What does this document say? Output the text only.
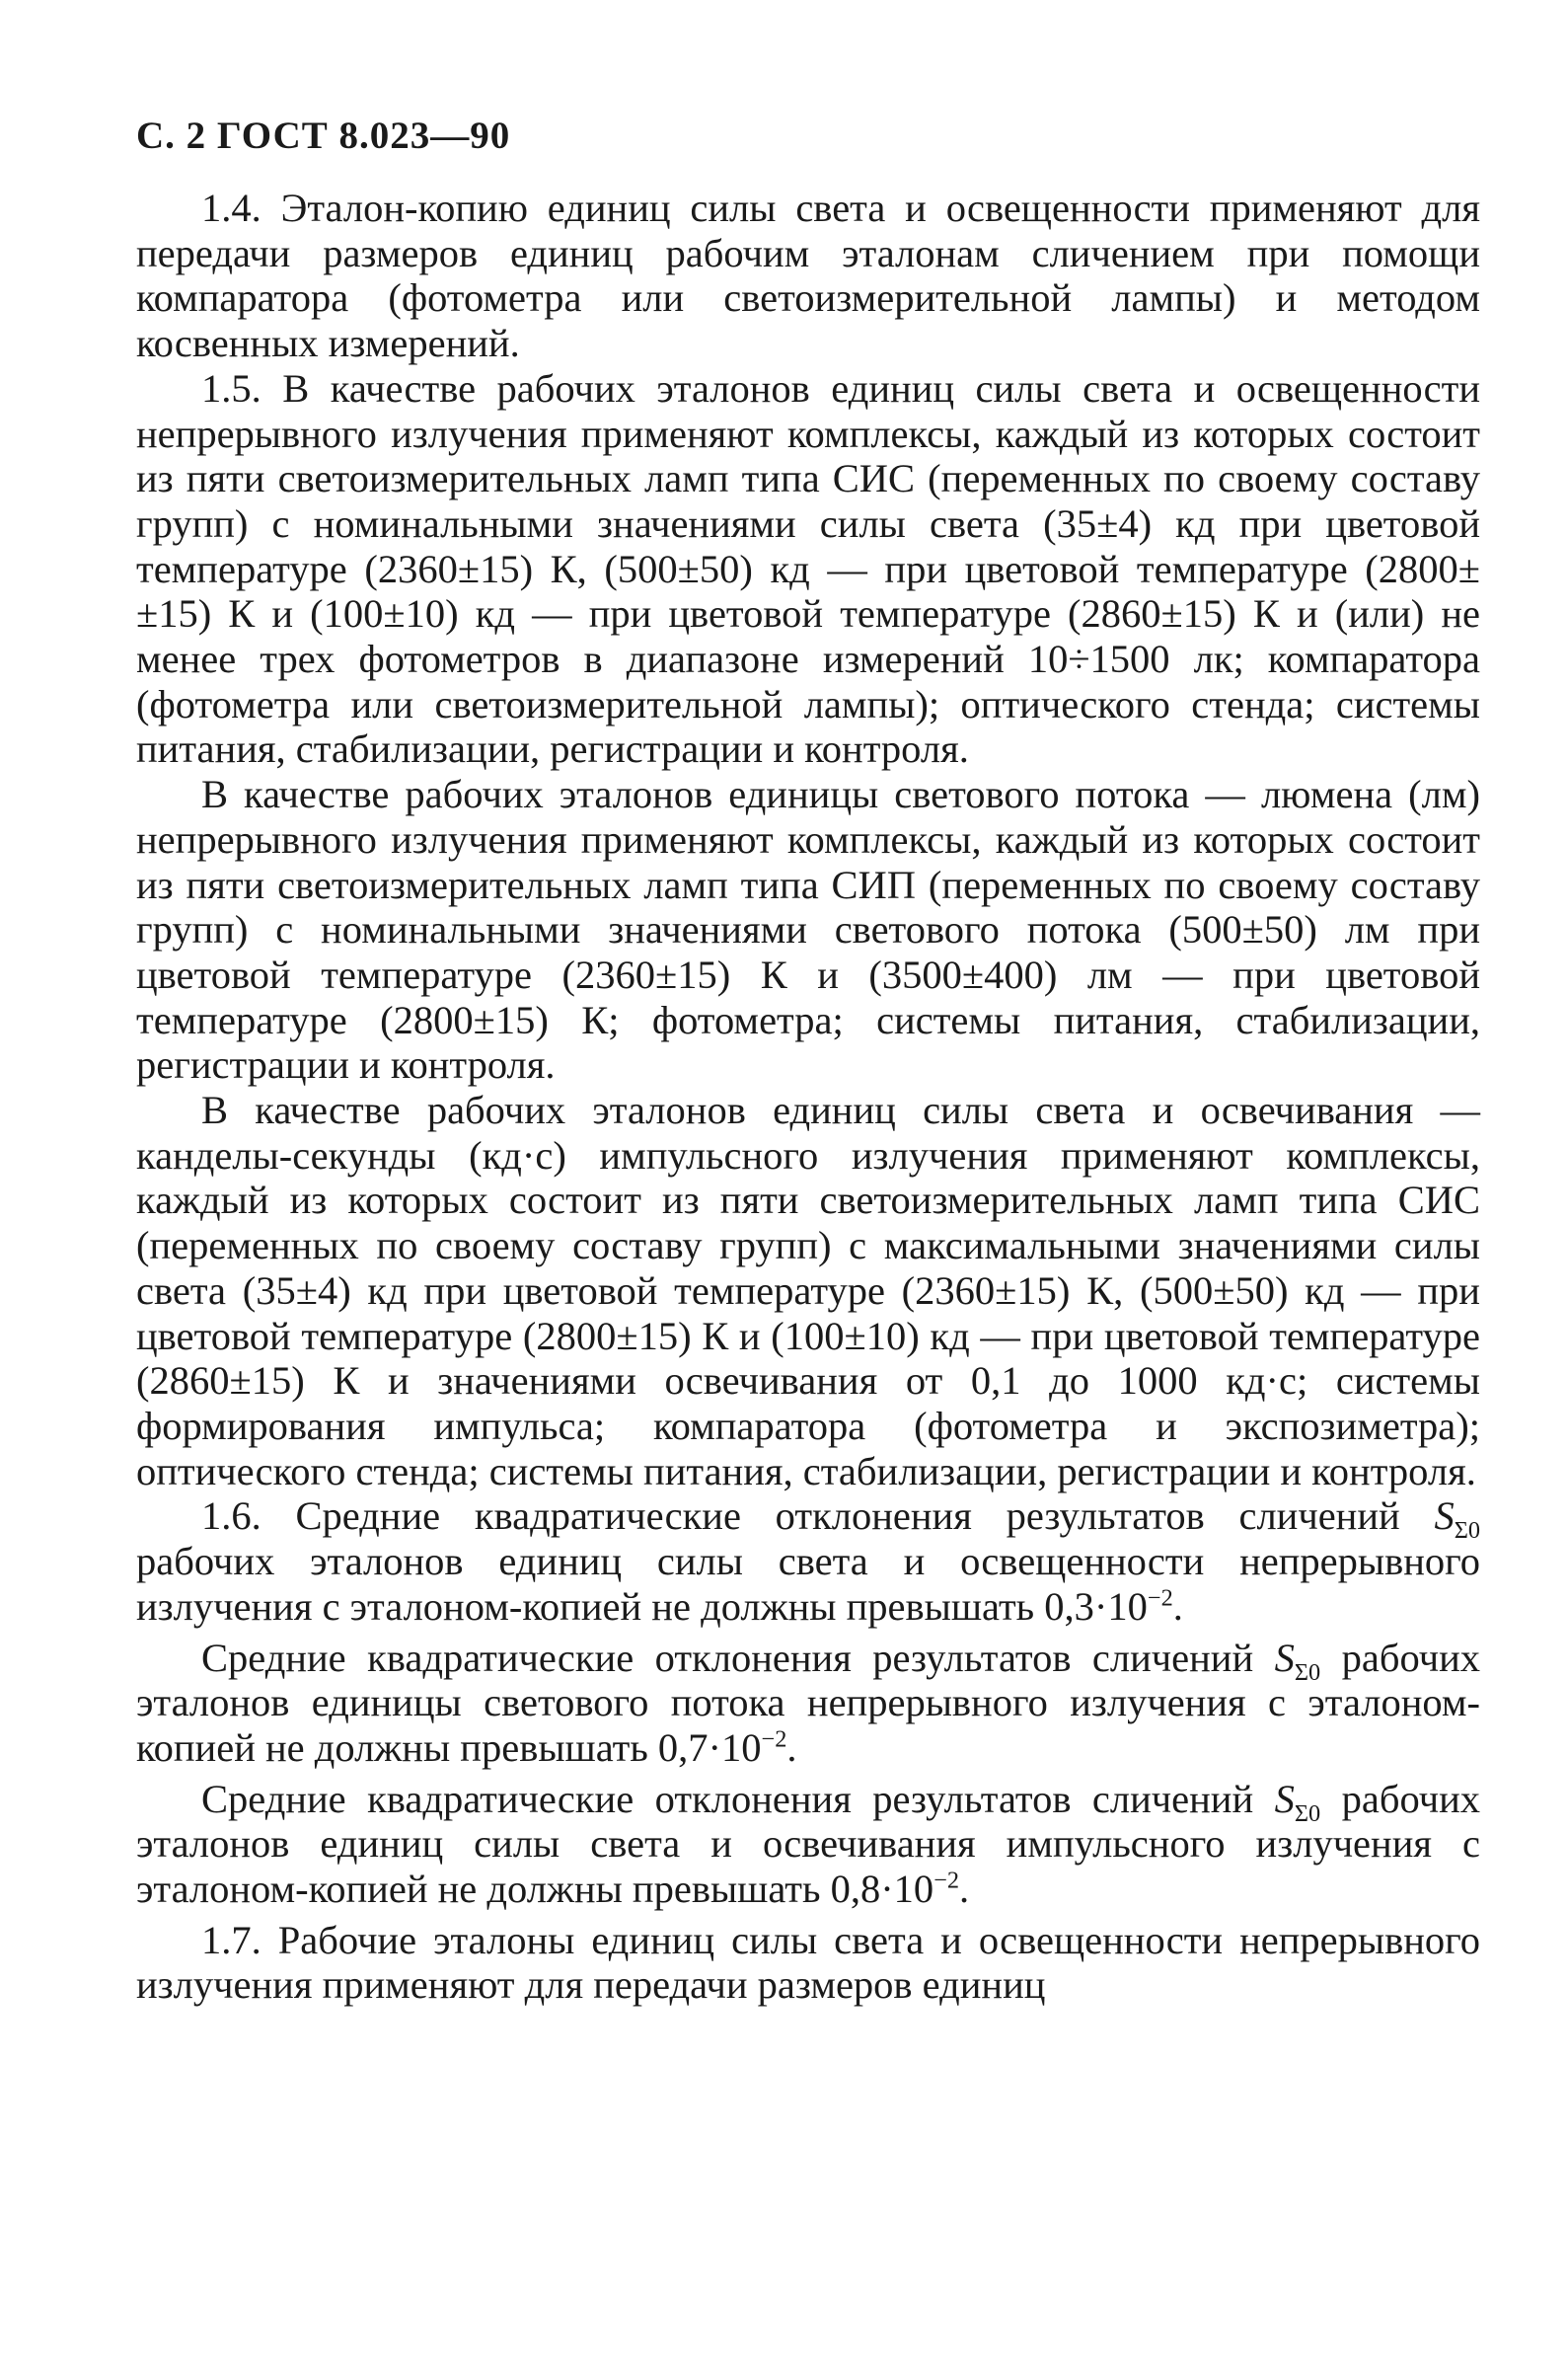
С. 2 ГОСТ 8.023—90

1.4. Эталон-копию единиц силы света и освещенности применяют для передачи размеров единиц рабочим эталонам сличением при помощи компаратора (фотометра или светоизмерительной лампы) и методом косвенных измерений.

1.5. В качестве рабочих эталонов единиц силы света и освещенности непрерывного излучения применяют комплексы, каждый из которых состоит из пяти светоизмерительных ламп типа СИС (переменных по своему составу групп) с номинальными значениями силы света (35±4) кд при цветовой температуре (2360±15) К, (500±50) кд — при цветовой температуре (2800±±15) К и (100±10) кд — при цветовой температуре (2860±15) К и (или) не менее трех фотометров в диапазоне измерений 10÷1500 лк; компаратора (фотометра или светоизмерительной лампы); оптического стенда; системы питания, стабилизации, регистрации и контроля.

В качестве рабочих эталонов единицы светового потока — люмена (лм) непрерывного излучения применяют комплексы, каждый из которых состоит из пяти светоизмерительных ламп типа СИП (переменных по своему составу групп) с номинальными значениями светового потока (500±50) лм при цветовой температуре (2360±15) К и (3500±400) лм — при цветовой температуре (2800±15) К; фотометра; системы питания, стабилизации, регистрации и контроля.

В качестве рабочих эталонов единиц силы света и освечивания — канделы-секунды (кд·с) импульсного излучения применяют комплексы, каждый из которых состоит из пяти светоизмерительных ламп типа СИС (переменных по своему составу групп) с максимальными значениями силы света (35±4) кд при цветовой температуре (2360±15) К, (500±50) кд — при цветовой температуре (2800±15) К и (100±10) кд — при цветовой температуре (2860±15) К и значениями освечивания от 0,1 до 1000 кд·с; системы формирования импульса; компаратора (фотометра и экспозиметра); оптического стенда; системы питания, стабилизации, регистрации и контроля.

1.6. Средние квадратические отклонения результатов сличений $S_{\Sigma 0}$ рабочих эталонов единиц силы света и освещенности непрерывного излучения с эталоном-копией не должны превышать $0,3\cdot 10^{-2}$.

Средние квадратические отклонения результатов сличений $S_{\Sigma 0}$ рабочих эталонов единицы светового потока непрерывного излучения с эталоном-копией не должны превышать $0,7\cdot 10^{-2}$.

Средние квадратические отклонения результатов сличений $S_{\Sigma 0}$ рабочих эталонов единиц силы света и освечивания импульсного излучения с эталоном-копией не должны превышать $0,8\cdot 10^{-2}$.

1.7. Рабочие эталоны единиц силы света и освещенности непрерывного излучения применяют для передачи размеров единиц
